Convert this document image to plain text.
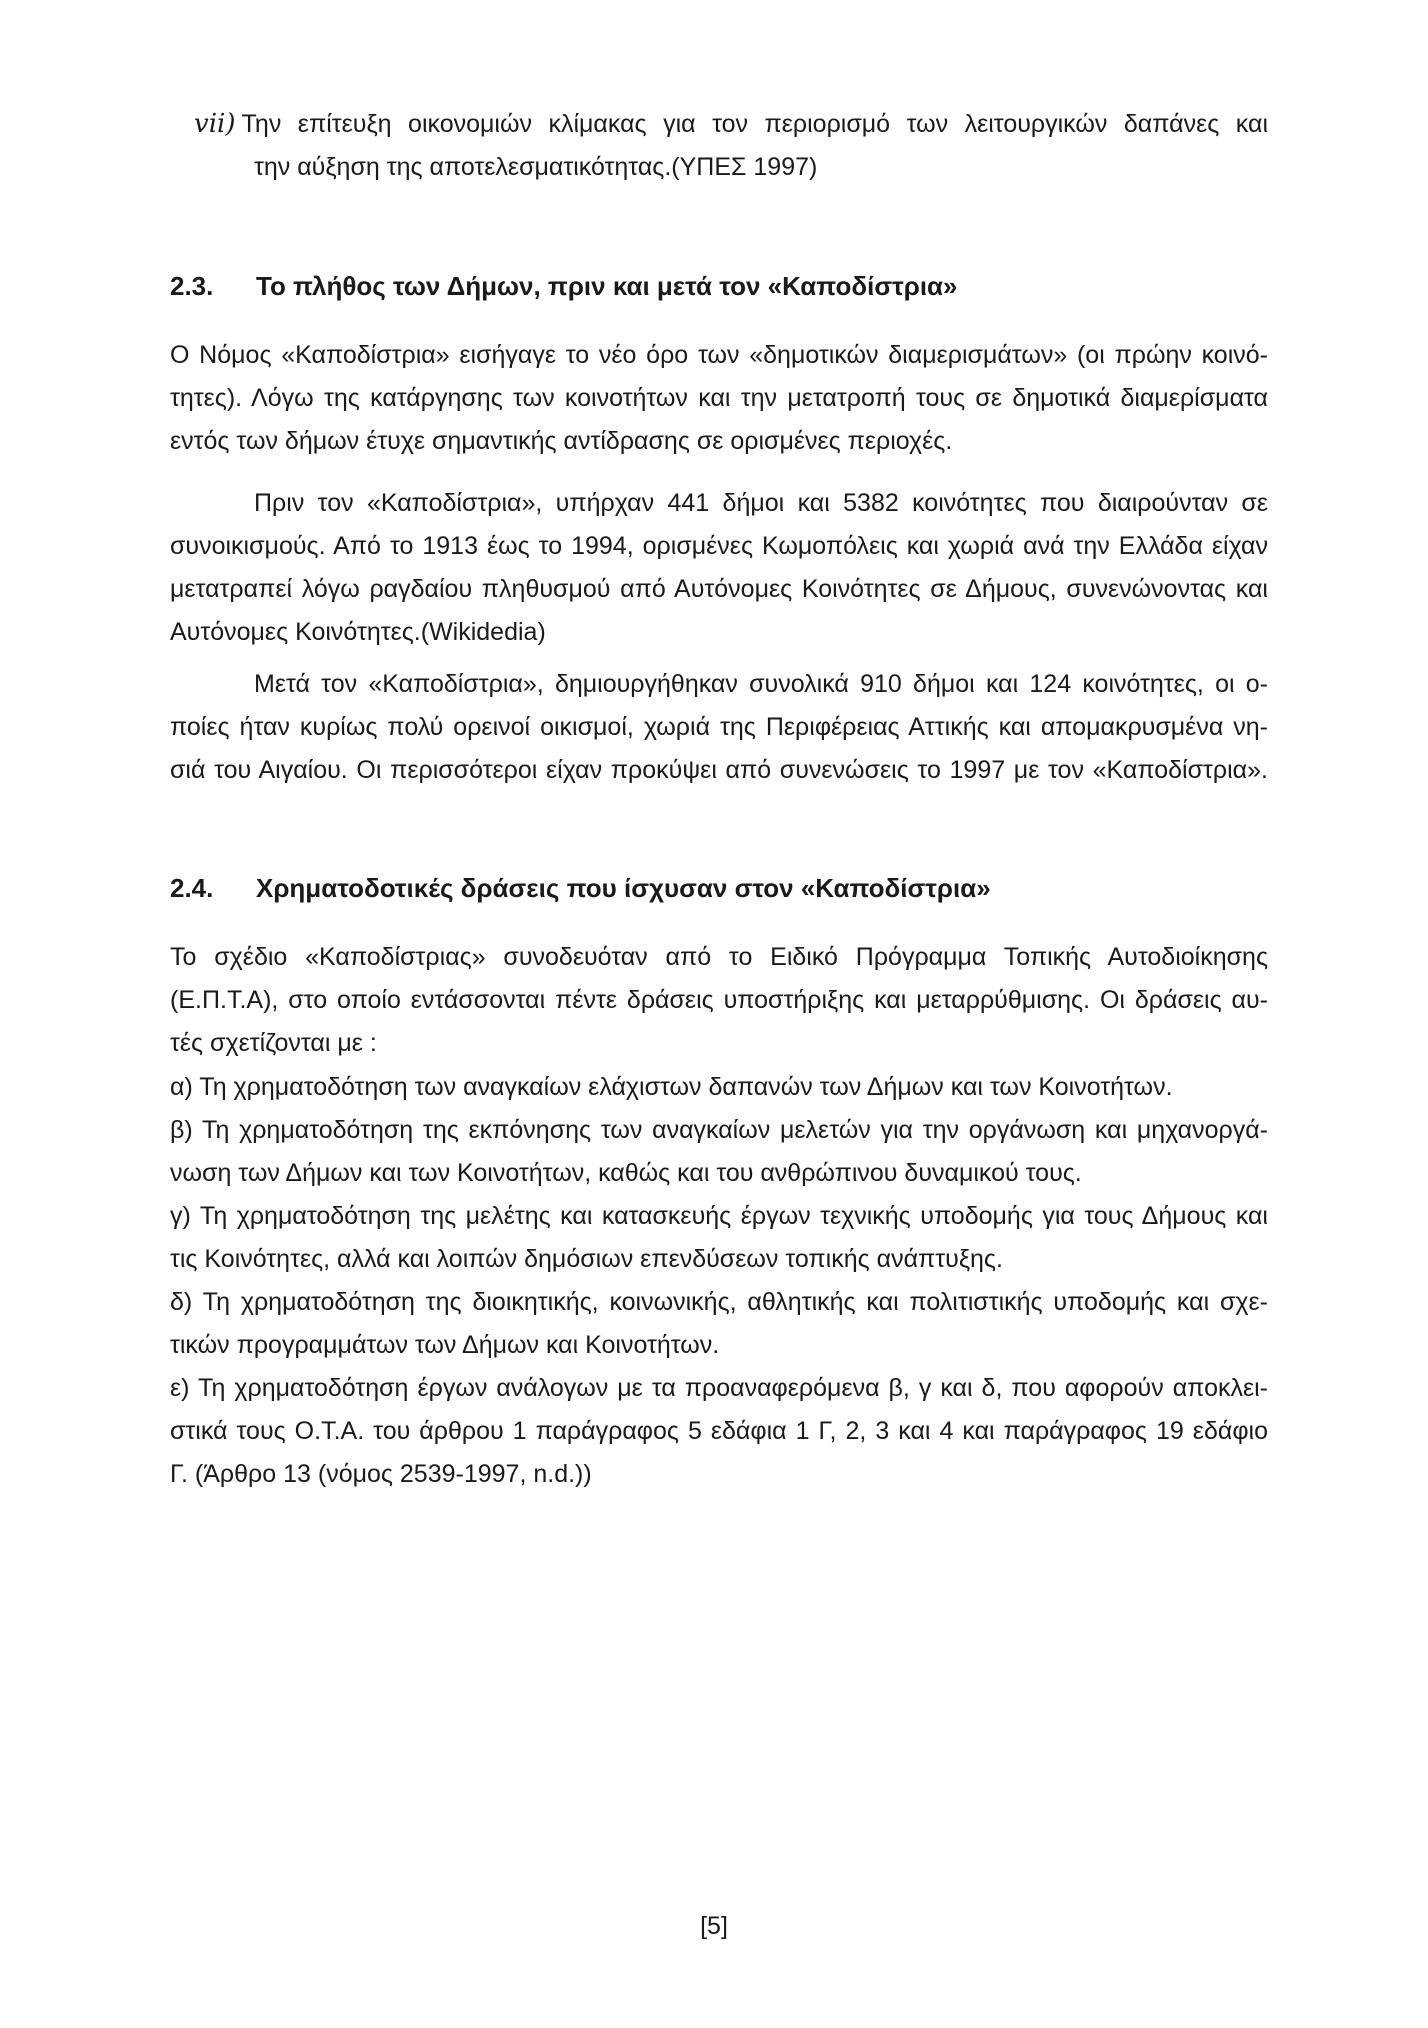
vii) Την επίτευξη οικονομιών κλίμακας για τον περιορισμό των λειτουργικών δαπάνες και
την αύξηση της αποτελεσματικότητας.(ΥΠΕΣ 1997)
2.3. Το πλήθος των Δήμων, πριν και μετά τον «Καποδίστρια»
Ο Νόμος «Καποδίστρια» εισήγαγε το νέο όρο των «δημοτικών διαμερισμάτων» (οι πρώην κοινό-
τητες). Λόγω της κατάργησης των κοινοτήτων και την μετατροπή τους σε δημοτικά διαμερίσματα
εντός των δήμων έτυχε σημαντικής αντίδρασης σε ορισμένες περιοχές.
Πριν τον «Καποδίστρια», υπήρχαν 441 δήμοι και 5382 κοινότητες που διαιρούνταν σε
συνοικισμούς. Από το 1913 έως το 1994, ορισμένες Κωμοπόλεις και χωριά ανά την Ελλάδα είχαν
μετατραπεί λόγω ραγδαίου πληθυσμού από Αυτόνομες Κοινότητες σε Δήμους, συνενώνοντας και
Αυτόνομες Κοινότητες.(Wikidedia)
Μετά τον «Καποδίστρια», δημιουργήθηκαν συνολικά 910 δήμοι και 124 κοινότητες, οι ο-
ποίες ήταν κυρίως πολύ ορεινοί οικισμοί, χωριά της Περιφέρειας Αττικής και απομακρυσμένα νη-
σιά του Αιγαίου. Οι περισσότεροι είχαν προκύψει από συνενώσεις το 1997 με τον «Καποδίστρια».
2.4. Χρηματοδοτικές δράσεις που ίσχυσαν στον «Καποδίστρια»
Το σχέδιο «Καποδίστριας» συνοδευόταν από το Ειδικό Πρόγραμμα Τοπικής Αυτοδιοίκησης
(Ε.Π.Τ.Α), στο οποίο εντάσσονται πέντε δράσεις υποστήριξης και μεταρρύθμισης. Οι δράσεις αυ-
τές σχετίζονται με :
α) Τη χρηματοδότηση των αναγκαίων ελάχιστων δαπανών των Δήμων και των Κοινοτήτων.
β) Τη χρηματοδότηση της εκπόνησης των αναγκαίων μελετών για την οργάνωση και μηχανοργά-
νωση των Δήμων και των Κοινοτήτων, καθώς και του ανθρώπινου δυναμικού τους.
γ) Τη χρηματοδότηση της μελέτης και κατασκευής έργων τεχνικής υποδομής για τους Δήμους και
τις Κοινότητες, αλλά και λοιπών δημόσιων επενδύσεων τοπικής ανάπτυξης.
δ) Τη χρηματοδότηση της διοικητικής, κοινωνικής, αθλητικής και πολιτιστικής υποδομής και σχε-
τικών προγραμμάτων των Δήμων και Κοινοτήτων.
ε) Τη χρηματοδότηση έργων ανάλογων με τα προαναφερόμενα β, γ και δ, που αφορούν αποκλει-
στικά τους Ο.Τ.Α. του άρθρου 1 παράγραφος 5 εδάφια 1 Γ, 2, 3 και 4 και παράγραφος 19 εδάφιο
Γ. (Άρθρο 13 (νόμος 2539-1997, n.d.))
[5]
